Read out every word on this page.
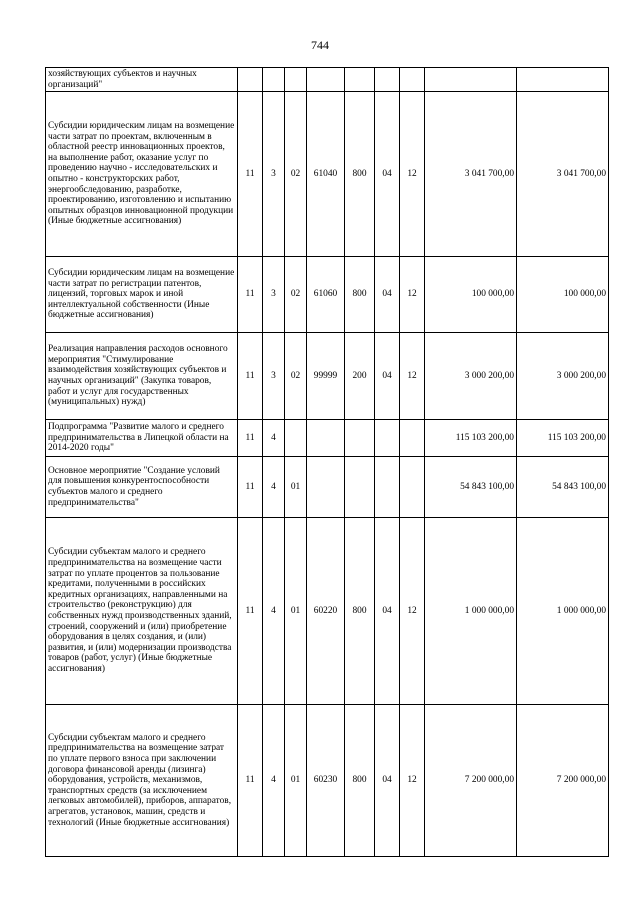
744
хозяйствующих субъектов и научных организаций"									
Субсидии юридическим лицам на возмещение части затрат по проектам, включенным в областной реестр инновационных проектов, на выполнение работ, оказание услуг по проведению научно - исследовательских и опытно - конструкторских работ, энергообследованию, разработке, проектированию, изготовлению и испытанию опытных образцов инновационной продукции (Иные бюджетные ассигнования)	11	3	02	61040	800	04	12	3 041 700,00	3 041 700,00
Субсидии юридическим лицам на возмещение части затрат по регистрации патентов, лицензий, торговых марок и иной интеллектуальной собственности (Иные бюджетные ассигнования)	11	3	02	61060	800	04	12	100 000,00	100 000,00
Реализация направления расходов основного мероприятия "Стимулирование взаимодействия хозяйствующих субъектов и научных организаций" (Закупка товаров, работ и услуг для государственных (муниципальных) нужд)	11	3	02	99999	200	04	12	3 000 200,00	3 000 200,00
Подпрограмма "Развитие малого и среднего предпринимательства в Липецкой области на 2014-2020 годы"	11	4						115 103 200,00	115 103 200,00
Основное мероприятие "Создание условий для повышения конкурентоспособности субъектов малого и среднего предпринимательства"	11	4	01					54 843 100,00	54 843 100,00
Субсидии субъектам малого и среднего предпринимательства на возмещение части затрат по уплате процентов за пользование кредитами, полученными в российских кредитных организациях, направленными на строительство (реконструкцию) для собственных нужд производственных зданий, строений, сооружений и (или) приобретение оборудования в целях создания, и (или) развития, и (или) модернизации производства товаров (работ, услуг) (Иные бюджетные ассигнования)	11	4	01	60220	800	04	12	1 000 000,00	1 000 000,00
Субсидии субъектам малого и среднего предпринимательства на возмещение затрат по уплате первого взноса при заключении договора финансовой аренды (лизинга) оборудования, устройств, механизмов, транспортных средств (за исключением легковых автомобилей), приборов, аппаратов, агрегатов, установок, машин, средств и технологий (Иные бюджетные ассигнования)	11	4	01	60230	800	04	12	7 200 000,00	7 200 000,00
